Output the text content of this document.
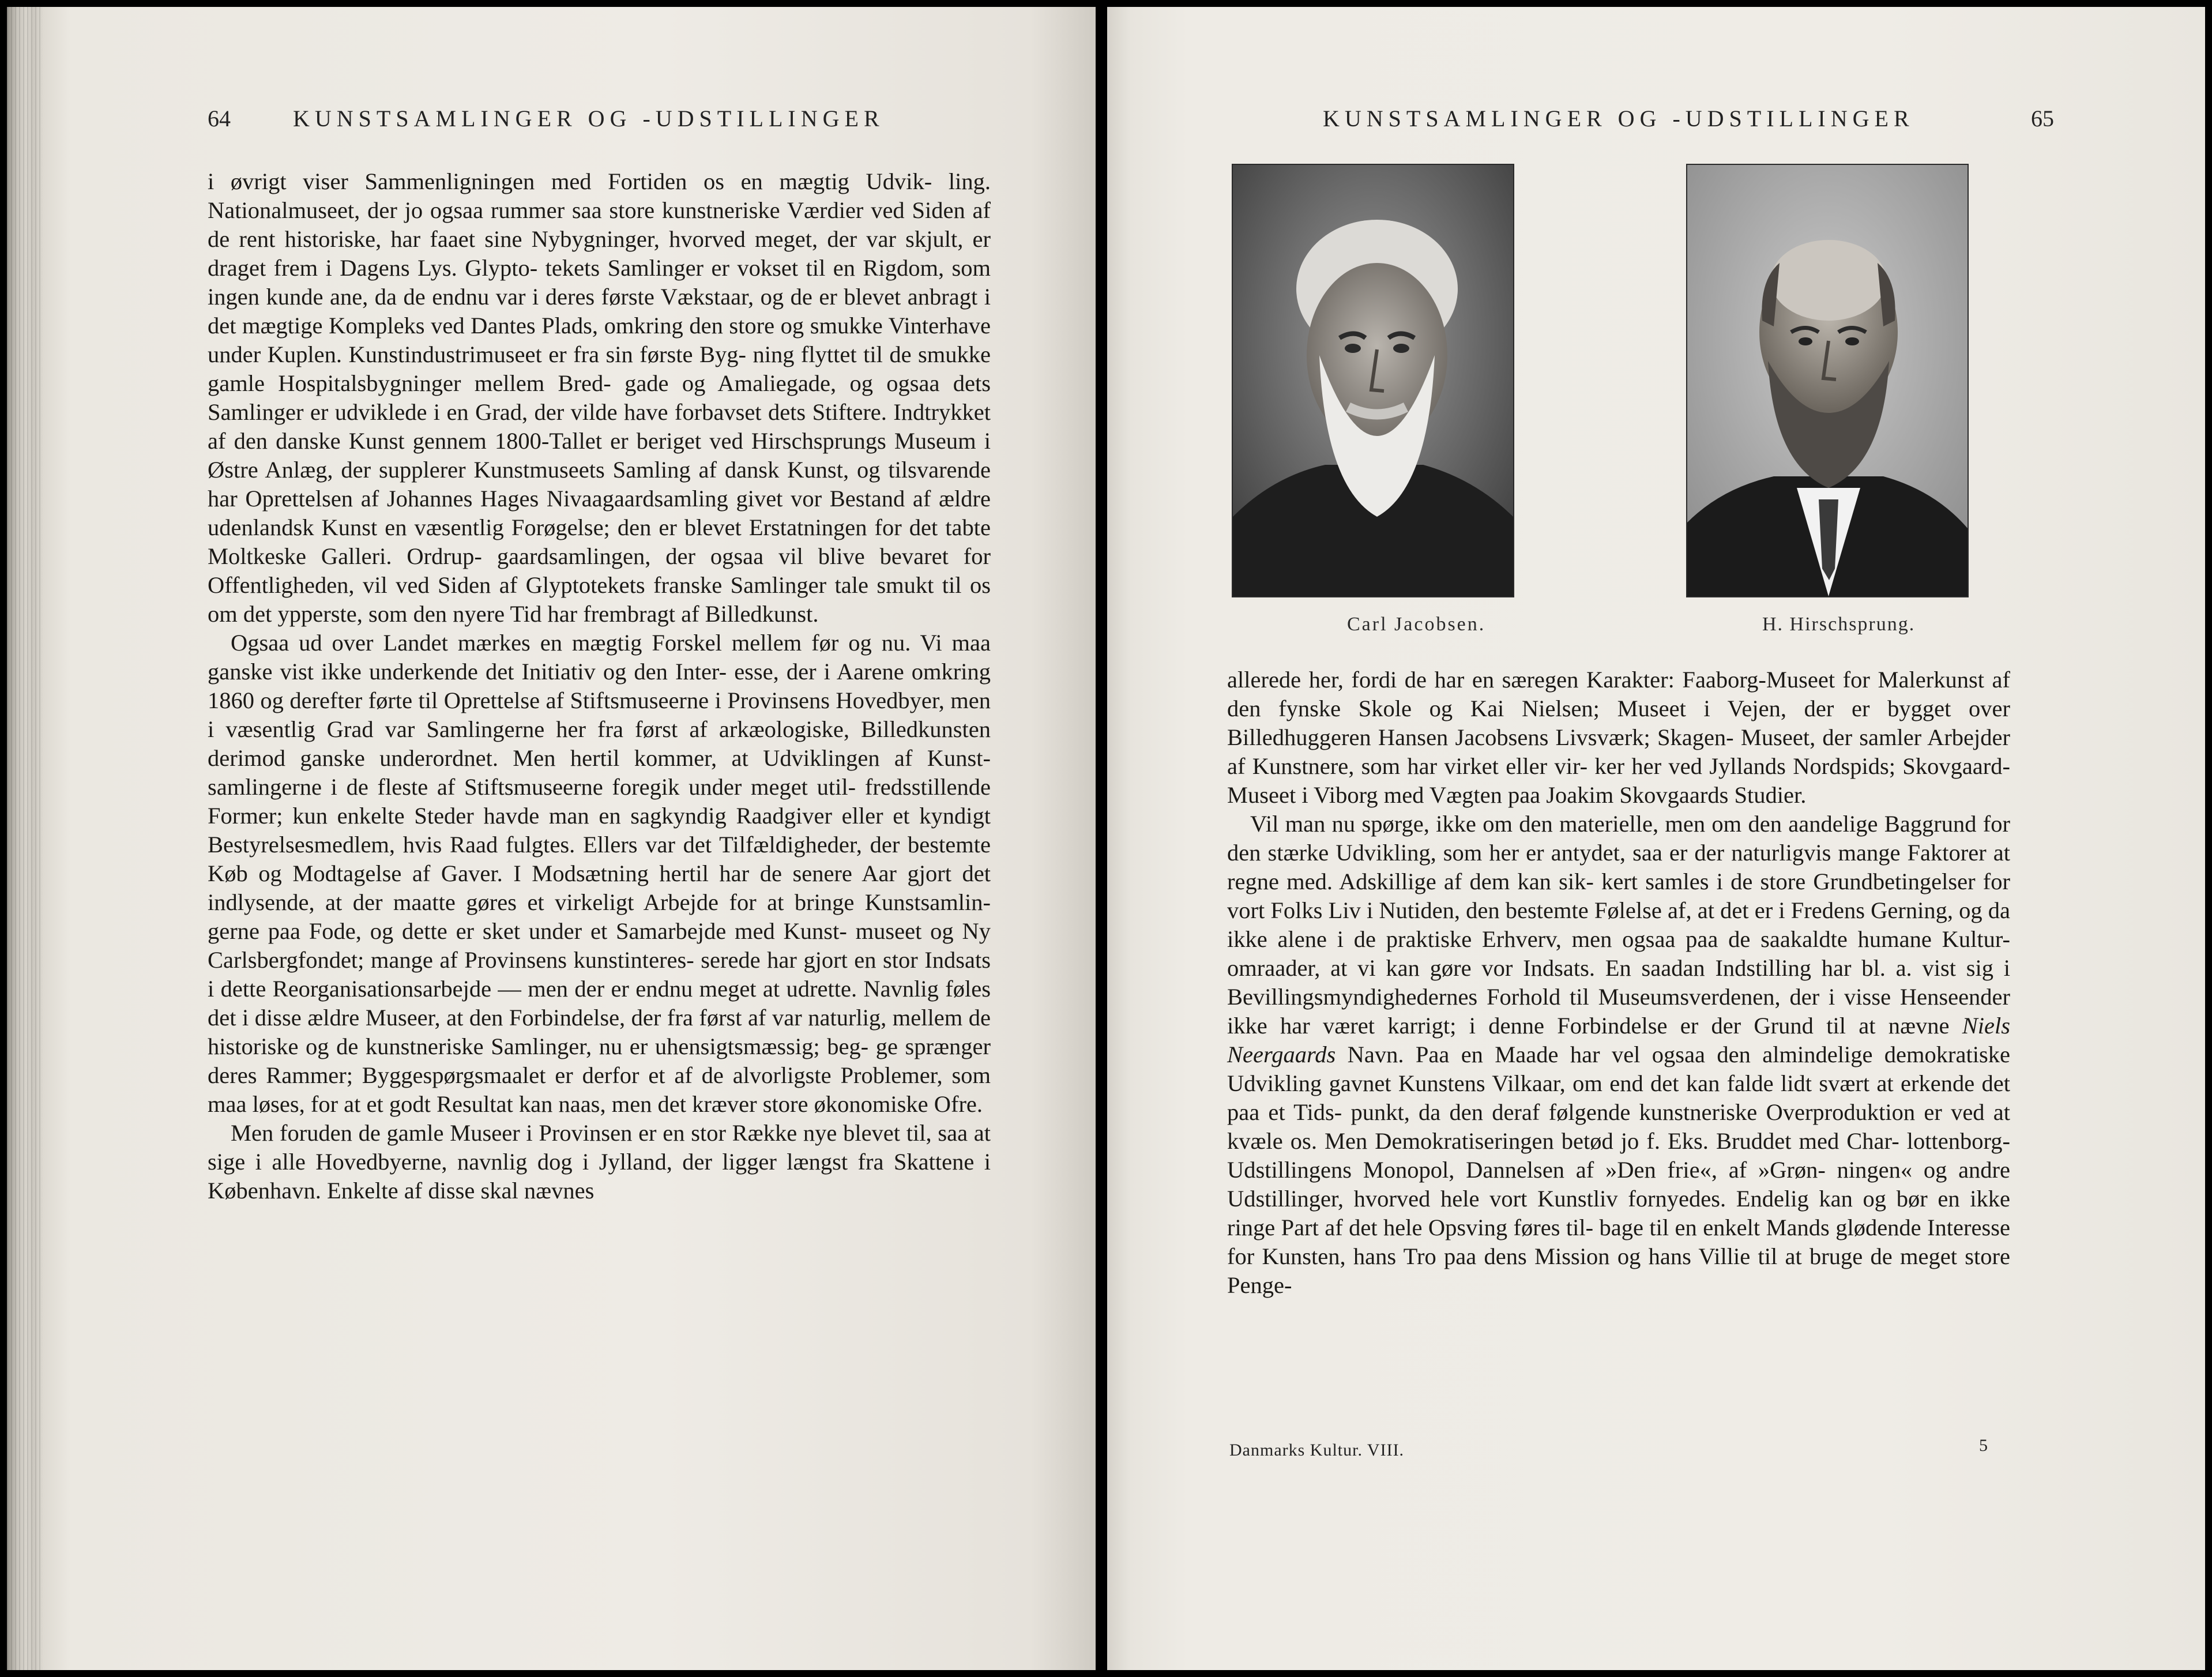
64	KUNSTSAMLINGER OG -UDSTILLINGER

i øvrigt viser Sammenligningen med Fortiden os en mægtig Udvik- ling. Nationalmuseet, der jo ogsaa rummer saa store kunstneriske Værdier ved Siden af de rent historiske, har faaet sine Nybygninger, hvorved meget, der var skjult, er draget frem i Dagens Lys. Glypto- tekets Samlinger er vokset til en Rigdom, som ingen kunde ane, da de endnu var i deres første Vækstaar, og de er blevet anbragt i det mægtige Kompleks ved Dantes Plads, omkring den store og smukke Vinterhave under Kuplen. Kunstindustrimuseet er fra sin første Byg- ning flyttet til de smukke gamle Hospitalsbygninger mellem Bred- gade og Amaliegade, og ogsaa dets Samlinger er udviklede i en Grad, der vilde have forbavset dets Stiftere. Indtrykket af den danske Kunst gennem 1800-Tallet er beriget ved Hirschsprungs Museum i Østre Anlæg, der supplerer Kunstmuseets Samling af dansk Kunst, og tilsvarende har Oprettelsen af Johannes Hages Nivaagaardsamling givet vor Bestand af ældre udenlandsk Kunst en væsentlig Forøgelse; den er blevet Erstatningen for det tabte Moltkeske Galleri. Ordrup- gaardsamlingen, der ogsaa vil blive bevaret for Offentligheden, vil ved Siden af Glyptotekets franske Samlinger tale smukt til os om det ypperste, som den nyere Tid har frembragt af Billedkunst.

Ogsaa ud over Landet mærkes en mægtig Forskel mellem før og nu. Vi maa ganske vist ikke underkende det Initiativ og den Inter- esse, der i Aarene omkring 1860 og derefter førte til Oprettelse af Stiftsmuseerne i Provinsens Hovedbyer, men i væsentlig Grad var Samlingerne her fra først af arkæologiske, Billedkunsten derimod ganske underordnet. Men hertil kommer, at Udviklingen af Kunst- samlingerne i de fleste af Stiftsmuseerne foregik under meget util- fredsstillende Former; kun enkelte Steder havde man en sagkyndig Raadgiver eller et kyndigt Bestyrelsesmedlem, hvis Raad fulgtes. Ellers var det Tilfældigheder, der bestemte Køb og Modtagelse af Gaver. I Modsætning hertil har de senere Aar gjort det indlysende, at der maatte gøres et virkeligt Arbejde for at bringe Kunstsamlin- gerne paa Fode, og dette er sket under et Samarbejde med Kunst- museet og Ny Carlsbergfondet; mange af Provinsens kunstinteres- serede har gjort en stor Indsats i dette Reorganisationsarbejde — men der er endnu meget at udrette. Navnlig føles det i disse ældre Museer, at den Forbindelse, der fra først af var naturlig, mellem de historiske og de kunstneriske Samlinger, nu er uhensigtsmæssig; beg- ge sprænger deres Rammer; Byggespørgsmaalet er derfor et af de alvorligste Problemer, som maa løses, for at et godt Resultat kan naas, men det kræver store økonomiske Ofre.

Men foruden de gamle Museer i Provinsen er en stor Række nye blevet til, saa at sige i alle Hovedbyerne, navnlig dog i Jylland, der ligger længst fra Skattene i København. Enkelte af disse skal nævnes

KUNSTSAMLINGER OG -UDSTILLINGER	65
Carl Jacobsen.	H. Hirschsprung.

allerede her, fordi de har en særegen Karakter: Faaborg-Museet for Malerkunst af den fynske Skole og Kai Nielsen; Museet i Vejen, der er bygget over Billedhuggeren Hansen Jacobsens Livsværk; Skagen- Museet, der samler Arbejder af Kunstnere, som har virket eller vir- ker her ved Jyllands Nordspids; Skovgaard-Museet i Viborg med Vægten paa Joakim Skovgaards Studier.

Vil man nu spørge, ikke om den materielle, men om den aandelige Baggrund for den stærke Udvikling, som her er antydet, saa er der naturligvis mange Faktorer at regne med. Adskillige af dem kan sik- kert samles i de store Grundbetingelser for vort Folks Liv i Nutiden, den bestemte Følelse af, at det er i Fredens Gerning, og da ikke alene i de praktiske Erhverv, men ogsaa paa de saakaldte humane Kultur- omraader, at vi kan gøre vor Indsats. En saadan Indstilling har bl. a. vist sig i Bevillingsmyndighedernes Forhold til Museumsverdenen, der i visse Henseender ikke har været karrigt; i denne Forbindelse er der Grund til at nævne Niels Neergaards Navn. Paa en Maade har vel ogsaa den almindelige demokratiske Udvikling gavnet Kunstens Vilkaar, om end det kan falde lidt svært at erkende det paa et Tids- punkt, da den deraf følgende kunstneriske Overproduktion er ved at kvæle os. Men Demokratiseringen betød jo f. Eks. Bruddet med Char- lottenborg-Udstillingens Monopol, Dannelsen af »Den frie«, af »Grøn- ningen« og andre Udstillinger, hvorved hele vort Kunstliv fornyedes. Endelig kan og bør en ikke ringe Part af det hele Opsving føres til- bage til en enkelt Mands glødende Interesse for Kunsten, hans Tro paa dens Mission og hans Villie til at bruge de meget store Penge-

Danmarks Kultur. VIII.	5
